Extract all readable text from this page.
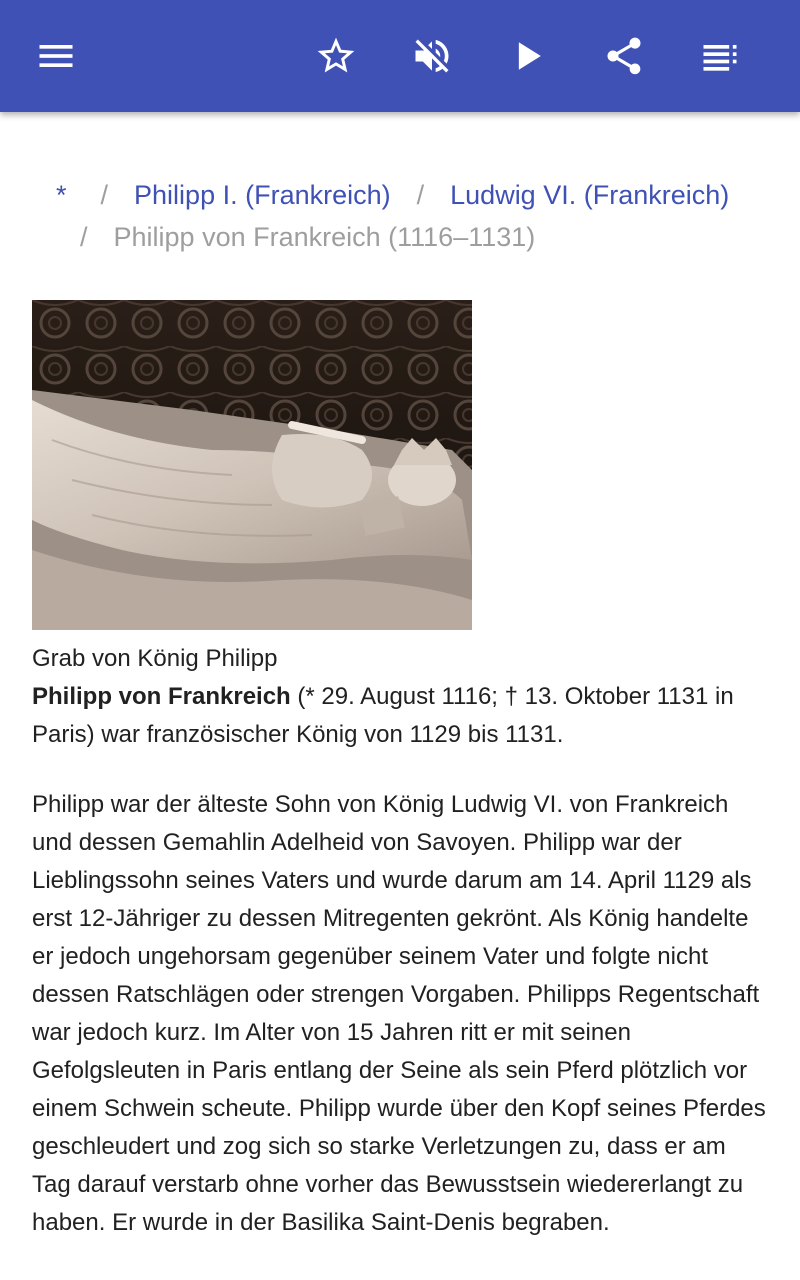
* / Philipp I. (Frankreich) / Ludwig VI. (Frankreich)
/ Philipp von Frankreich (1116–1131)
Grab von König Philipp

Philipp von Frankreich (* 29. August 1116; † 13. Oktober 1131 in Paris) war französischer König von 1129 bis 1131.

Philipp war der älteste Sohn von König Ludwig VI. von Frankreich und dessen Gemahlin Adelheid von Savoyen. Philipp war der Lieblingssohn seines Vaters und wurde darum am 14. April 1129 als erst 12-Jähriger zu dessen Mitregenten gekrönt. Als König handelte er jedoch ungehorsam gegenüber seinem Vater und folgte nicht dessen Ratschlägen oder strengen Vorgaben. Philipps Regentschaft war jedoch kurz. Im Alter von 15 Jahren ritt er mit seinen Gefolgsleuten in Paris entlang der Seine als sein Pferd plötzlich vor einem Schwein scheute. Philipp wurde über den Kopf seines Pferdes geschleudert und zog sich so starke Verletzungen zu, dass er am Tag darauf verstarb ohne vorher das Bewusstsein wiedererlangt zu haben. Er wurde in der Basilika Saint-Denis begraben.
